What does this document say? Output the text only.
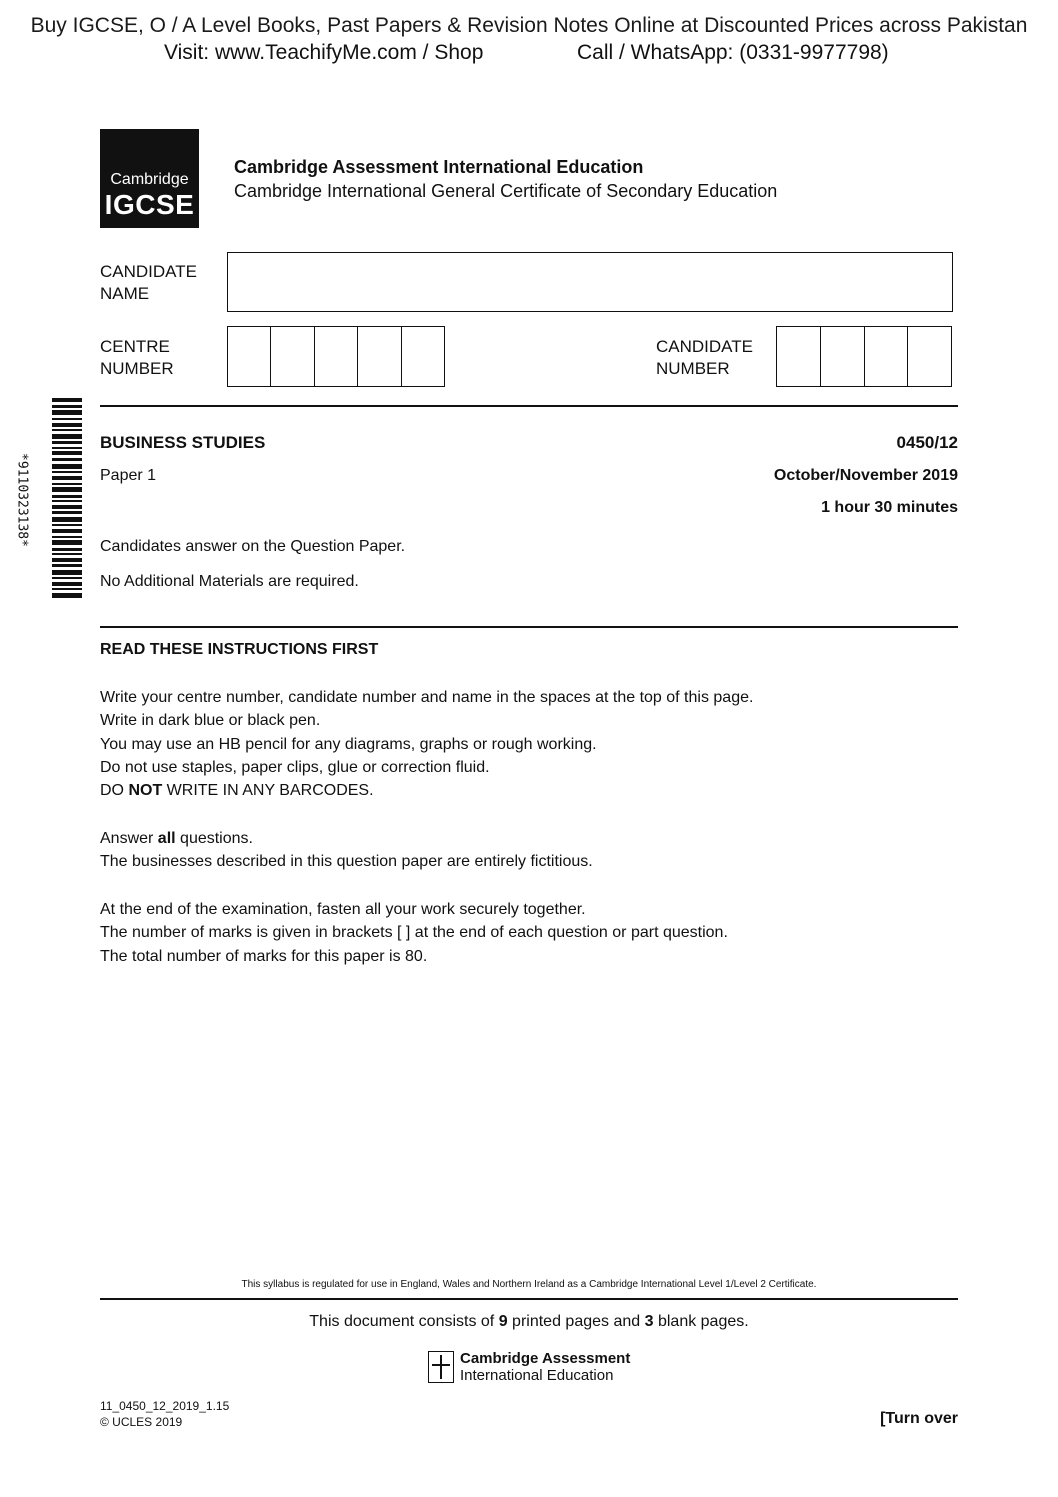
Buy IGCSE, O / A Level Books, Past Papers & Revision Notes Online at Discounted Prices across Pakistan
Visit: www.TeachifyMe.com / Shop	Call / WhatsApp: (0331-9977798)
Cambridge
IGCSE
Cambridge Assessment International Education
Cambridge International General Certificate of Secondary Education
CANDIDATE
NAME
CENTRE
NUMBER
CANDIDATE
NUMBER
*9110323138*
BUSINESS STUDIES	0450/12
Paper 1	October/November 2019
1 hour 30 minutes
Candidates answer on the Question Paper.
No Additional Materials are required.
READ THESE INSTRUCTIONS FIRST
Write your centre number, candidate number and name in the spaces at the top of this page.
Write in dark blue or black pen.
You may use an HB pencil for any diagrams, graphs or rough working.
Do not use staples, paper clips, glue or correction fluid.
DO NOT WRITE IN ANY BARCODES.
Answer all questions.
The businesses described in this question paper are entirely fictitious.
At the end of the examination, fasten all your work securely together.
The number of marks is given in brackets [ ] at the end of each question or part question.
The total number of marks for this paper is 80.
This syllabus is regulated for use in England, Wales and Northern Ireland as a Cambridge International Level 1/Level 2 Certificate.
This document consists of 9 printed pages and 3 blank pages.
Cambridge Assessment
International Education
11_0450_12_2019_1.15
© UCLES 2019	[Turn over
